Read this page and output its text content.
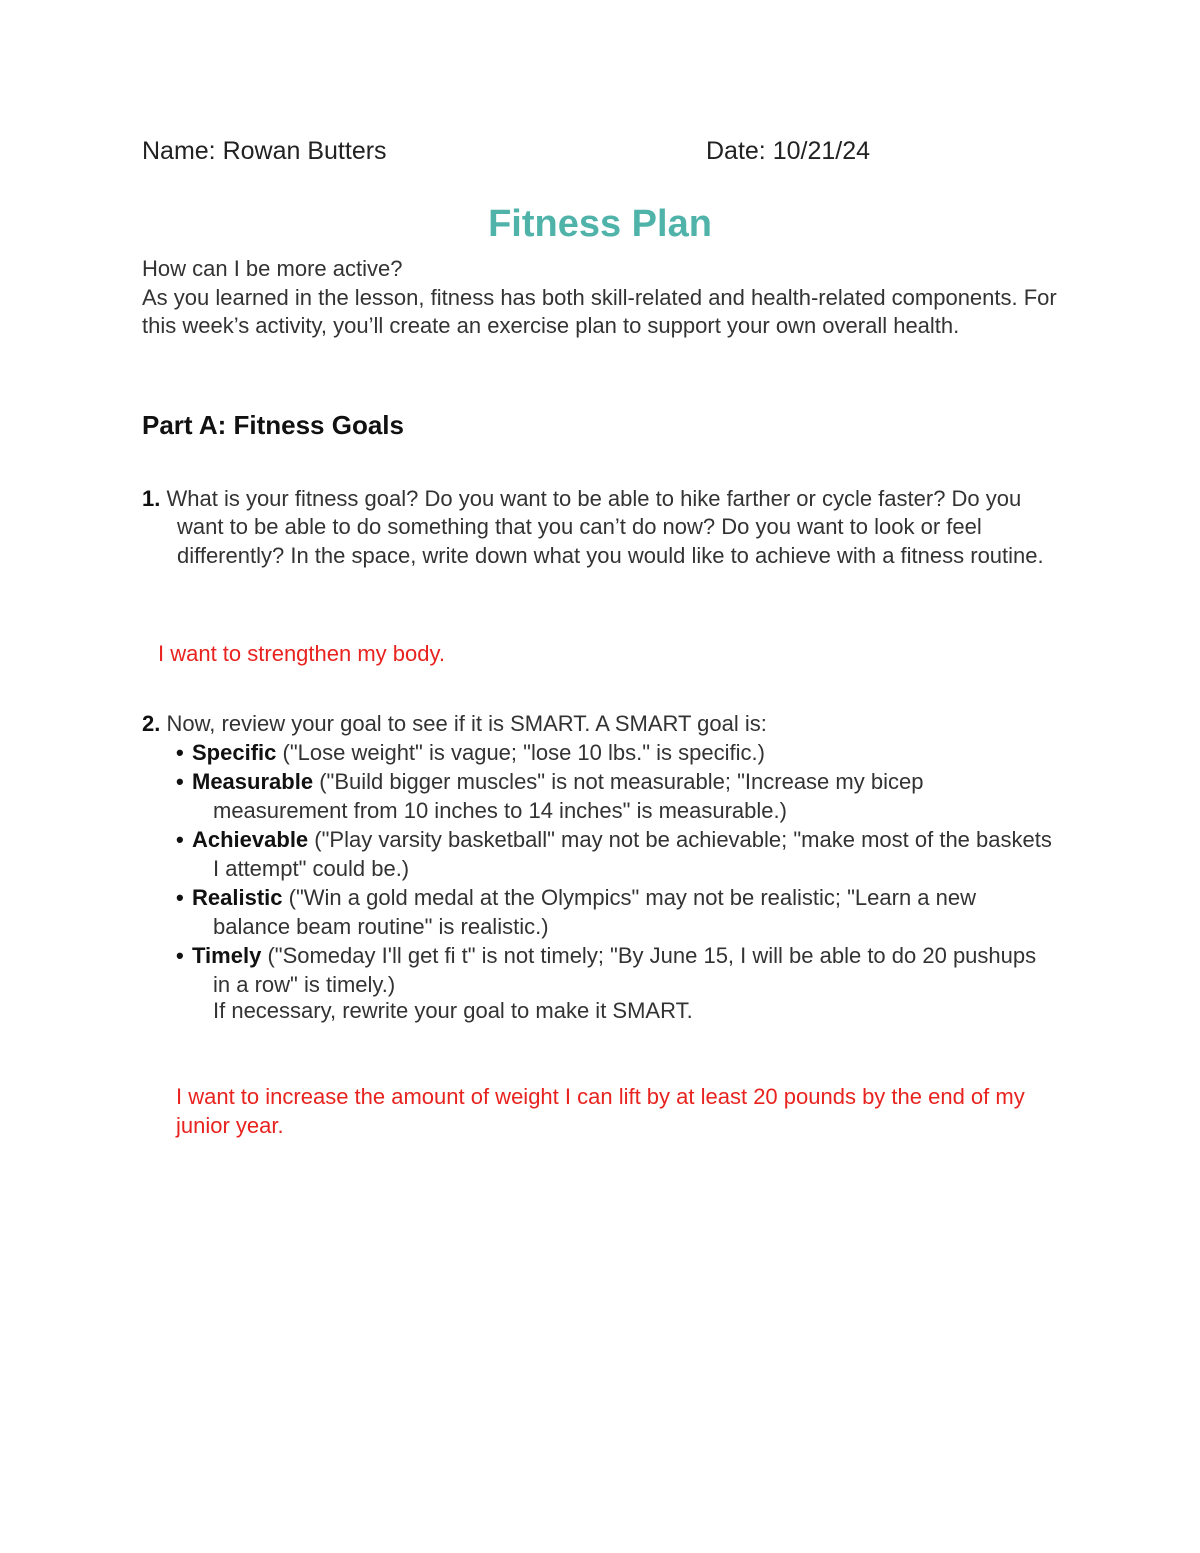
Name: Rowan Butters	Date: 10/21/24
Fitness Plan

How can I be more active?

As you learned in the lesson, fitness has both skill-related and health-related components. For this week’s activity, you’ll create an exercise plan to support your own overall health.

Part A: Fitness Goals
1. What is your fitness goal? Do you want to be able to hike farther or cycle faster? Do you want to be able to do something that you can’t do now? Do you want to look or feel differently? In the space, write down what you would like to achieve with a fitness routine.
I want to strengthen my body.
2. Now, review your goal to see if it is SMART. A SMART goal is:
• Specific ("Lose weight" is vague; "lose 10 lbs." is specific.)
• Measurable ("Build bigger muscles" is not measurable; "Increase my bicep measurement from 10 inches to 14 inches" is measurable.)
• Achievable ("Play varsity basketball" may not be achievable; "make most of the baskets I attempt" could be.)
• Realistic ("Win a gold medal at the Olympics" may not be realistic; "Learn a new balance beam routine" is realistic.)
• Timely ("Someday I'll get fi t" is not timely; "By June 15, I will be able to do 20 pushups in a row" is timely.)
If necessary, rewrite your goal to make it SMART.
I want to increase the amount of weight I can lift by at least 20 pounds by the end of my junior year.
